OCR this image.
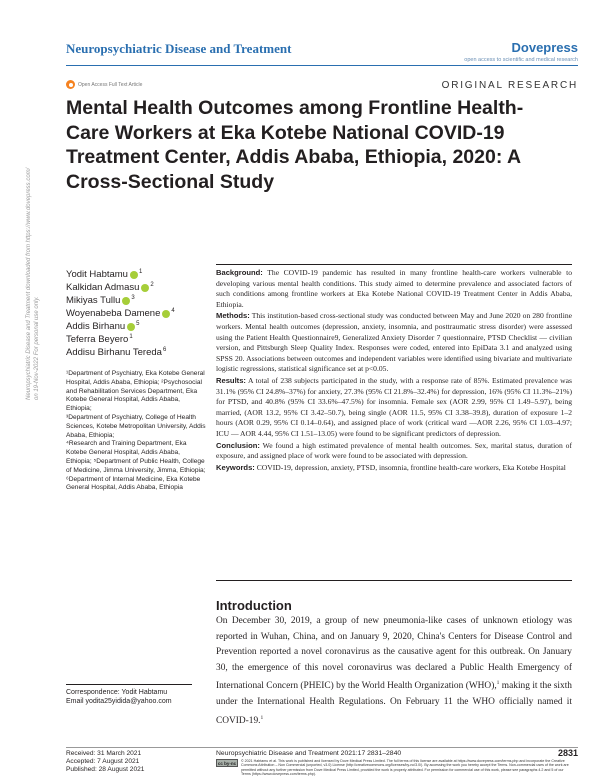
Neuropsychiatric Disease and Treatment	Dovepress
open access to scientific and medical research
Open Access Full Text Article	ORIGINAL RESEARCH
Mental Health Outcomes among Frontline Health-Care Workers at Eka Kotebe National COVID-19 Treatment Center, Addis Ababa, Ethiopia, 2020: A Cross-Sectional Study
Neuropsychiatric Disease and Treatment downloaded from https://www.dovepress.com/ on 19-Nov-2022 For personal use only.
Yodit Habtamu 1
Kalkidan Admasu 2
Mikiyas Tullu 3
Woyenabeba Damene 4
Addis Birhanu 5
Teferra Beyero 1
Addisu Birhanu Tereda 6

¹Department of Psychiatry, Eka Kotebe General Hospital, Addis Ababa, Ethiopia; ²Psychosocial and Rehabilitation Services Department, Eka Kotebe General Hospital, Addis Ababa, Ethiopia;

³Department of Psychiatry, College of Health Sciences, Kotebe Metropolitan University, Addis Ababa, Ethiopia;

⁴Research and Training Department, Eka Kotebe General Hospital, Addis Ababa, Ethiopia; ⁵Department of Public Health, College of Medicine, Jimma University, Jimma, Ethiopia; ⁶Department of Internal Medicine, Eka Kotebe General Hospital, Addis Ababa, Ethiopia

Background: The COVID-19 pandemic has resulted in many frontline health-care workers vulnerable to developing various mental health conditions. This study aimed to determine prevalence and associated factors of such conditions among frontline workers at Eka Kotebe National COVID-19 Treatment Center in Addis Ababa, Ethiopia.

Methods: This institution-based cross-sectional study was conducted between May and June 2020 on 280 frontline workers. Mental health outcomes (depression, anxiety, insomnia, and posttraumatic stress disorder) were assessed using the Patient Health Questionnaire9, Generalized Anxiety Disorder 7 questionnaire, PTSD Checklist — civilian version, and Pittsburgh Sleep Quality Index. Responses were coded, entered into EpiData 3.1 and analyzed using SPSS 20. Associations between outcomes and independent variables were identified using bivariate and multivariate logistic regressions, statistical significance set at p<0.05.

Results: A total of 238 subjects participated in the study, with a response rate of 85%. Estimated prevalence was 31.1% (95% CI 24.8%–37%) for anxiety, 27.3% (95% CI 21.8%–32.4%) for depression, 16% (95% CI 11.3%–21%) for PTSD, and 40.8% (95% CI 33.6%–47.5%) for insomnia. Female sex (AOR 2.99, 95% CI 1.49–5.97), being married, (AOR 13.2, 95% CI 3.42–50.7), being single (AOR 11.5, 95% CI 3.38–39.8), duration of exposure 1–2 hours (AOR 0.29, 95% CI 0.14–0.64), and assigned place of work (critical ward —AOR 2.26, 95% CI 1.03–4.97; ICU — AOR 4.44, 95% CI 1.51–13.05) were found to be significant predictors of depression.

Conclusion: We found a high estimated prevalence of mental health outcomes. Sex, marital status, duration of exposure, and assigned place of work were found to be associated with depression.

Keywords: COVID-19, depression, anxiety, PTSD, insomnia, frontline health-care workers, Eka Kotebe Hospital

Introduction

On December 30, 2019, a group of new pneumonia-like cases of unknown etiology was reported in Wuhan, China, and on January 9, 2020, China's Centers for Disease Control and Prevention reported a novel coronavirus as the causative agent for this outbreak. On January 30, the emergence of this novel coronavirus was declared a Public Health Emergency of International Concern (PHEIC) by the World Health Organization (WHO),$^1$ making it the sixth under the International Health Regulations. On February 11 the WHO officially named it COVID-19.$^1$

Correspondence: Yodit Habtamu
Email yodita25yidida@yahoo.com
Received: 31 March 2021
Accepted: 7 August 2021
Published: 28 August 2021
Neuropsychiatric Disease and Treatment 2021:17 2831–2840	2831
cc by-nc	© 2021 Habtamu et al. This work is published and licensed by Dove Medical Press Limited. The full terms of this license are available at https://www.dovepress.com/terms.php and incorporate the Creative Commons Attribution – Non Commercial (unported, v3.0) License (http://creativecommons.org/licenses/by-nc/3.0/). By accessing the work you hereby accept the Terms. Non-commercial uses of the work are permitted without any further permission from Dove Medical Press Limited, provided the work is properly attributed. For permission for commercial use of this work, please see paragraphs 4.2 and 5 of our Terms (https://www.dovepress.com/terms.php).
